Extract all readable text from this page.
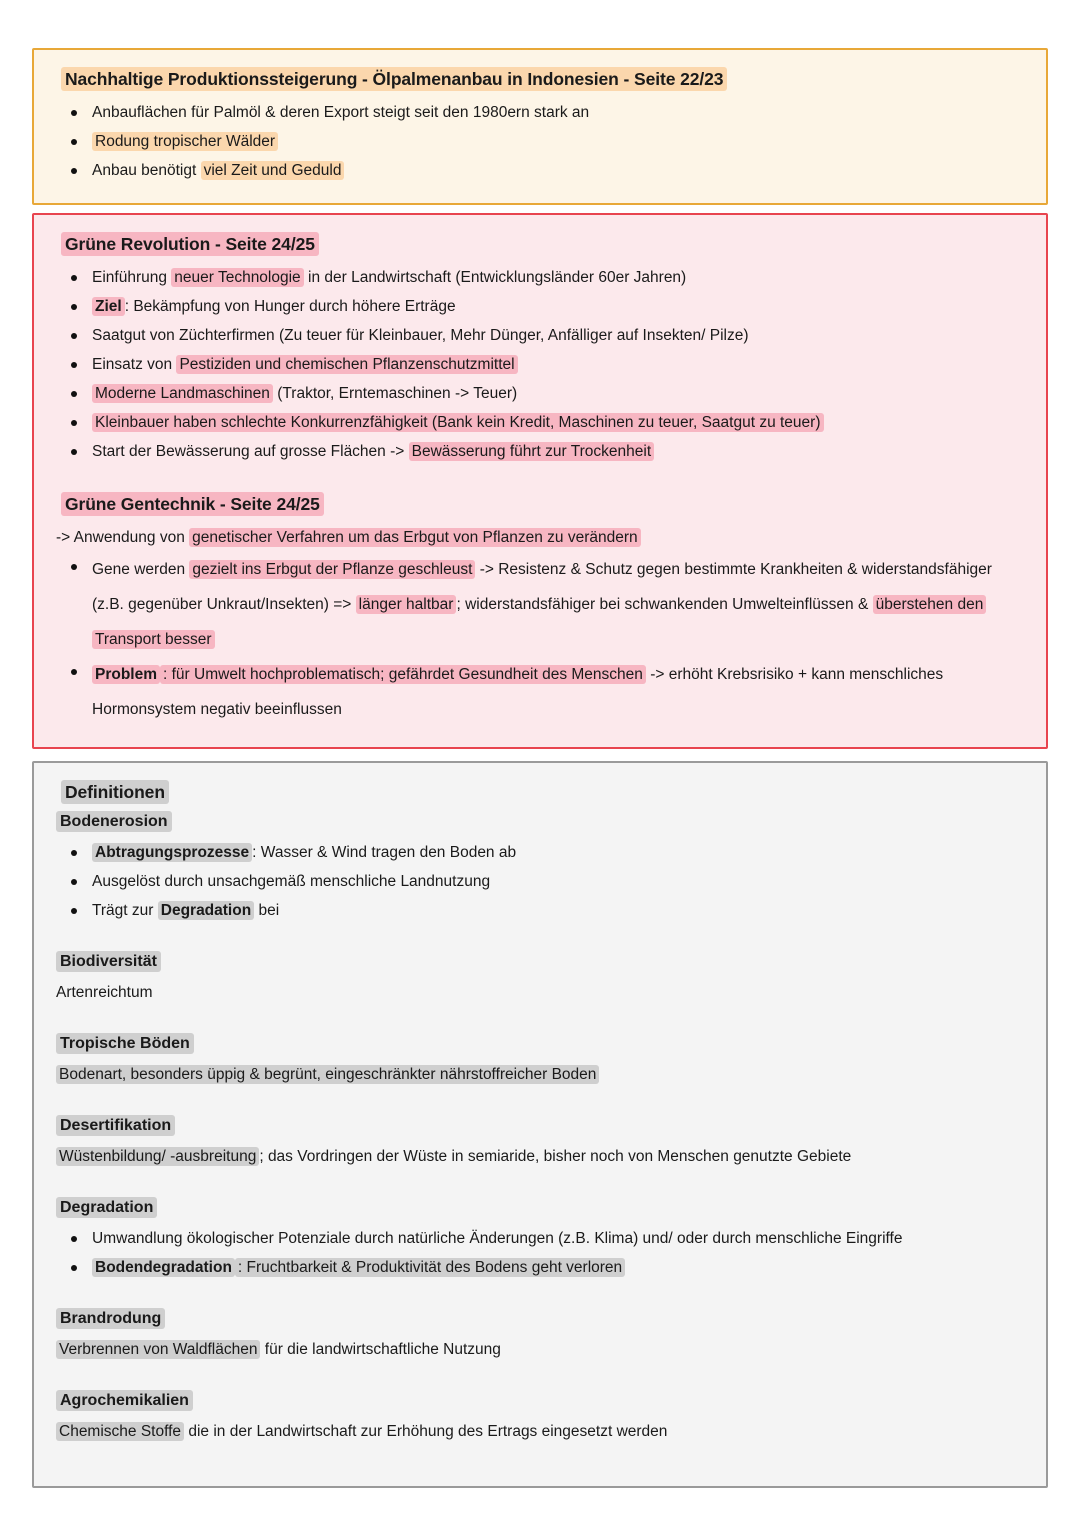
Nachhaltige Produktionssteigerung - Ölpalmenanbau in Indonesien - Seite 22/23
Anbauflächen für Palmöl & deren Export steigt seit den 1980ern stark an
Rodung tropischer Wälder
Anbau benötigt viel Zeit und Geduld
Grüne Revolution - Seite 24/25
Einführung neuer Technologie in der Landwirtschaft (Entwicklungsländer 60er Jahren)
Ziel : Bekämpfung von Hunger durch höhere Erträge
Saatgut von Züchterfirmen (Zu teuer für Kleinbauer, Mehr Dünger, Anfälliger auf Insekten/ Pilze)
Einsatz von Pestiziden und chemischen Pflanzenschutzmittel
Moderne Landmaschinen (Traktor, Erntemaschinen -> Teuer)
Kleinbauer haben schlechte Konkurrenzfähigkeit (Bank kein Kredit, Maschinen zu teuer, Saatgut zu teuer)
Start der Bewässerung auf grosse Flächen -> Bewässerung führt zur Trockenheit
Grüne Gentechnik - Seite 24/25

-> Anwendung von genetischer Verfahren um das Erbgut von Pflanzen zu verändern

Gene werden gezielt ins Erbgut der Pflanze geschleust -> Resistenz & Schutz gegen bestimmte Krankheiten & widerstandsfähiger (z.B. gegenüber Unkraut/Insekten) => länger haltbar ; widerstandsfähiger bei schwankenden Umwelteinflüssen & überstehen den Transport besser
Problem : für Umwelt hochproblematisch; gefährdet Gesundheit des Menschen -> erhöht Krebsrisiko + kann menschliches Hormonsystem negativ beeinflussen
Definitionen
Bodenerosion
Abtragungsprozesse : Wasser & Wind tragen den Boden ab
Ausgelöst durch unsachgemäß menschliche Landnutzung
Trägt zur Degradation bei
Biodiversität

Artenreichtum

Tropische Böden

Bodenart, besonders üppig & begrünt, eingeschränkter nährstoffreicher Boden

Desertifikation

Wüstenbildung/ -ausbreitung ; das Vordringen der Wüste in semiaride, bisher noch von Menschen genutzte Gebiete

Degradation
Umwandlung ökologischer Potenziale durch natürliche Änderungen (z.B. Klima) und/ oder durch menschliche Eingriffe
Bodendegradation : Fruchtbarkeit & Produktivität des Bodens geht verloren
Brandrodung

Verbrennen von Waldflächen für die landwirtschaftliche Nutzung

Agrochemikalien

Chemische Stoffe die in der Landwirtschaft zur Erhöhung des Ertrags eingesetzt werden
